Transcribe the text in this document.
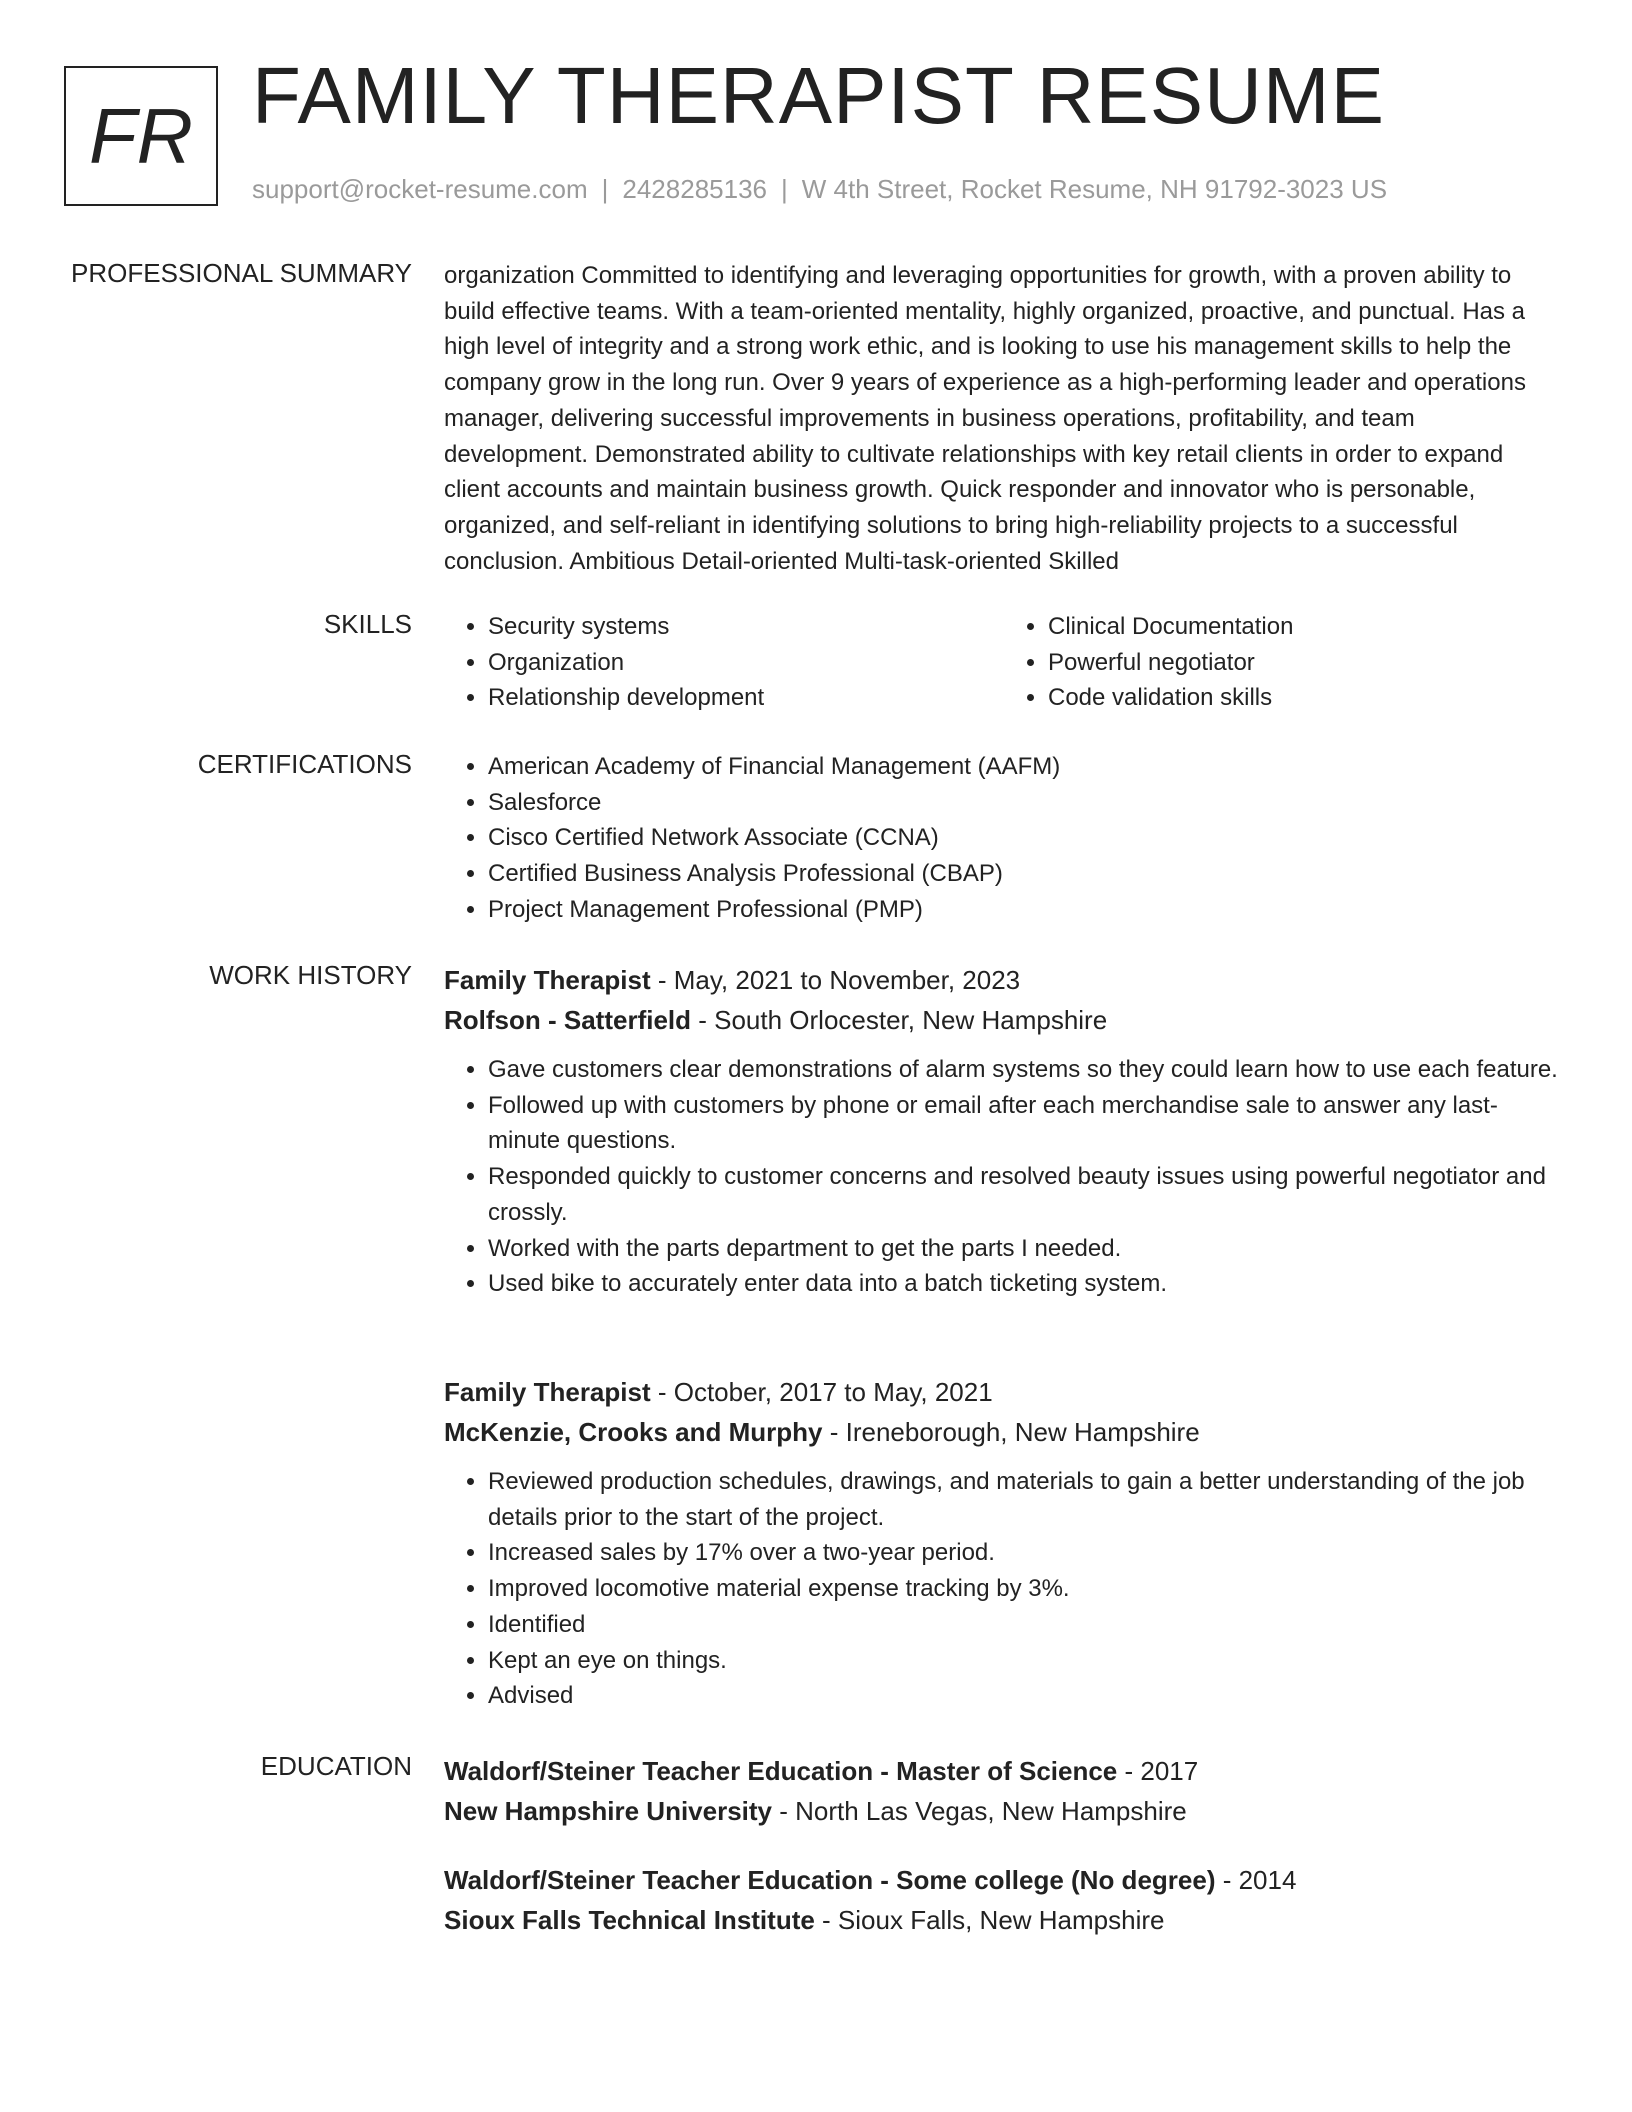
FR FAMILY THERAPIST RESUME
support@rocket-resume.com | 2428285136 | W 4th Street, Rocket Resume, NH 91792-3023 US
PROFESSIONAL SUMMARY organization Committed to identifying and leveraging opportunities for growth, with a proven ability to build effective teams. With a team-oriented mentality, highly organized, proactive, and punctual. Has a high level of integrity and a strong work ethic, and is looking to use his management skills to help the company grow in the long run. Over 9 years of experience as a high-performing leader and operations manager, delivering successful improvements in business operations, profitability, and team development. Demonstrated ability to cultivate relationships with key retail clients in order to expand client accounts and maintain business growth. Quick responder and innovator who is personable, organized, and self-reliant in identifying solutions to bring high-reliability projects to a successful conclusion. Ambitious Detail-oriented Multi-task-oriented Skilled

SKILLS	• Security systems
• Organization
• Relationship development
• Clinical Documentation
• Powerful negotiator
• Code validation skills
CERTIFICATIONS	• American Academy of Financial Management (AAFM)
• Salesforce
• Cisco Certified Network Associate (CCNA)
• Certified Business Analysis Professional (CBAP)
• Project Management Professional (PMP)
WORK HISTORY Family Therapist - May, 2021 to November, 2023
Rolfson - Satterfield - South Orlocester, New Hampshire
• Gave customers clear demonstrations of alarm systems so they could learn how to use each feature.
• Followed up with customers by phone or email after each merchandise sale to answer any last-minute questions.
• Responded quickly to customer concerns and resolved beauty issues using powerful negotiator and crossly.
• Worked with the parts department to get the parts I needed.
• Used bike to accurately enter data into a batch ticketing system.
Family Therapist - October, 2017 to May, 2021
McKenzie, Crooks and Murphy - Ireneborough, New Hampshire
• Reviewed production schedules, drawings, and materials to gain a better understanding of the job details prior to the start of the project.
• Increased sales by 17% over a two-year period.
• Improved locomotive material expense tracking by 3%.
• Identified
• Kept an eye on things.
• Advised
EDUCATION Waldorf/Steiner Teacher Education - Master of Science - 2017
New Hampshire University - North Las Vegas, New Hampshire
Waldorf/Steiner Teacher Education - Some college (No degree) - 2014
Sioux Falls Technical Institute - Sioux Falls, New Hampshire
